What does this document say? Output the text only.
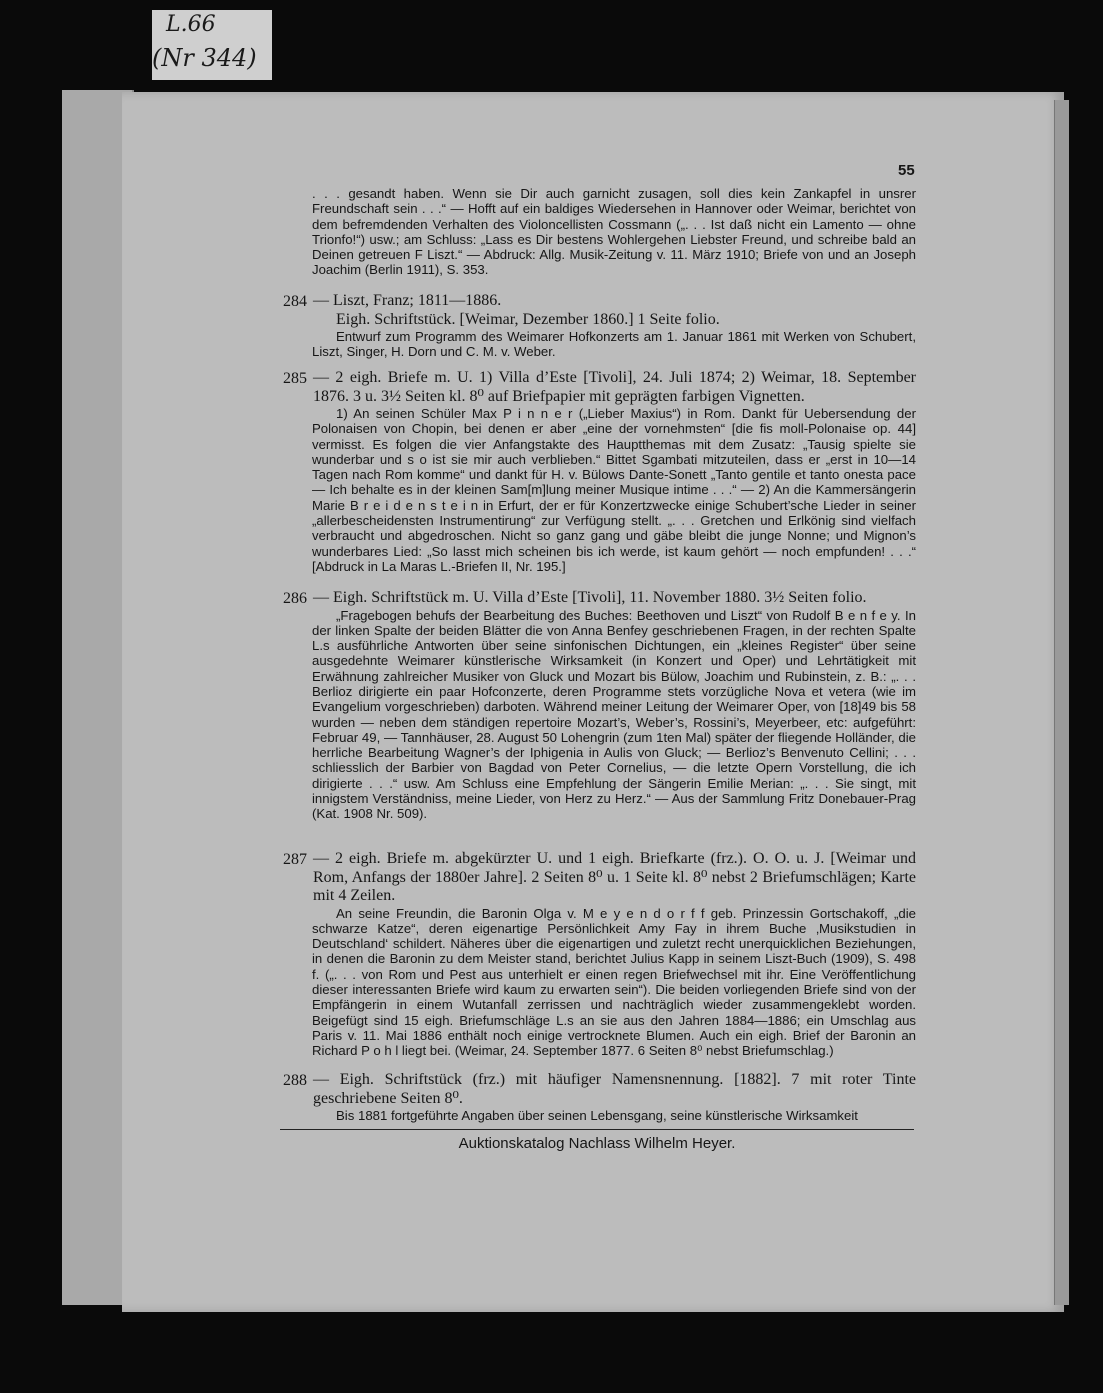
L.66
(Nr 344)
55
. . . gesandt haben. Wenn sie Dir auch garnicht zusagen, soll dies kein Zankapfel in unsrer Freundschaft sein . . .“ — Hofft auf ein baldiges Wiedersehen in Hannover oder Weimar, berichtet von dem befremdenden Verhalten des Violoncellisten Cossmann („. . . Ist daß nicht ein Lamento — ohne Trionfo!“) usw.; am Schluss: „Lass es Dir bestens Wohlergehen Liebster Freund, und schreibe bald an Deinen getreuen F Liszt.“ — Abdruck: Allg. Musik-Zeitung v. 11. März 1910; Briefe von und an Joseph Joachim (Berlin 1911), S. 353.
284 — Liszt, Franz; 1811—1886.
Eigh. Schriftstück. [Weimar, Dezember 1860.] 1 Seite folio.
Entwurf zum Programm des Weimarer Hofkonzerts am 1. Januar 1861 mit Werken von Schubert, Liszt, Singer, H. Dorn und C. M. v. Weber.
285 — 2 eigh. Briefe m. U. 1) Villa d’Este [Tivoli], 24. Juli 1874; 2) Weimar, 18. September 1876. 3 u. 3½ Seiten kl. 8⁰ auf Briefpapier mit geprägten farbigen Vignetten.
1) An seinen Schüler Max P i n n e r („Lieber Maxius“) in Rom. Dankt für Uebersendung der Polonaisen von Chopin, bei denen er aber „eine der vornehmsten“ [die fis moll-Polonaise op. 44] vermisst. Es folgen die vier Anfangstakte des Hauptthemas mit dem Zusatz: „Tausig spielte sie wunderbar und s o ist sie mir auch verblieben.“ Bittet Sgambati mitzuteilen, dass er „erst in 10—14 Tagen nach Rom komme“ und dankt für H. v. Bülows Dante-Sonett „Tanto gentile et tanto onesta pace — Ich behalte es in der kleinen Sam[m]lung meiner Musique intime . . .“ — 2) An die Kammersängerin Marie B r e i d e n s t e i n in Erfurt, der er für Konzertzwecke einige Schubert’sche Lieder in seiner „allerbescheidensten Instrumentirung“ zur Verfügung stellt. „. . . Gretchen und Erlkönig sind vielfach verbraucht und abgedroschen. Nicht so ganz gang und gäbe bleibt die junge Nonne; und Mignon’s wunderbares Lied: „So lasst mich scheinen bis ich werde, ist kaum gehört — noch empfunden! . . .“ [Abdruck in La Maras L.-Briefen II, Nr. 195.]
286 — Eigh. Schriftstück m. U. Villa d’Este [Tivoli], 11. November 1880. 3½ Seiten folio.
„Fragebogen behufs der Bearbeitung des Buches: Beethoven und Liszt“ von Rudolf B e n f e y. In der linken Spalte der beiden Blätter die von Anna Benfey geschriebenen Fragen, in der rechten Spalte L.s ausführliche Antworten über seine sinfonischen Dichtungen, ein „kleines Register“ über seine ausgedehnte Weimarer künstlerische Wirksamkeit (in Konzert und Oper) und Lehrtätigkeit mit Erwähnung zahlreicher Musiker von Gluck und Mozart bis Bülow, Joachim und Rubinstein, z. B.: „. . . Berlioz dirigierte ein paar Hofconzerte, deren Programme stets vorzügliche Nova et vetera (wie im Evangelium vorgeschrieben) darboten. Während meiner Leitung der Weimarer Oper, von [18]49 bis 58 wurden — neben dem ständigen repertoire Mozart’s, Weber’s, Rossini’s, Meyerbeer, etc: aufgeführt: Februar 49, — Tannhäuser, 28. August 50 Lohengrin (zum 1ten Mal) später der fliegende Holländer, die herrliche Bearbeitung Wagner’s der Iphigenia in Aulis von Gluck; — Berlioz’s Benvenuto Cellini; . . . schliesslich der Barbier von Bagdad von Peter Cornelius, — die letzte Opern Vorstellung, die ich dirigierte . . .“ usw. Am Schluss eine Empfehlung der Sängerin Emilie Merian: „. . . Sie singt, mit innigstem Verständniss, meine Lieder, von Herz zu Herz.“ — Aus der Sammlung Fritz Donebauer-Prag (Kat. 1908 Nr. 509).
287 — 2 eigh. Briefe m. abgekürzter U. und 1 eigh. Briefkarte (frz.). O. O. u. J. [Weimar und Rom, Anfangs der 1880er Jahre]. 2 Seiten 8⁰ u. 1 Seite kl. 8⁰ nebst 2 Briefumschlägen; Karte mit 4 Zeilen.
An seine Freundin, die Baronin Olga v. M e y e n d o r f f geb. Prinzessin Gortschakoff, „die schwarze Katze“, deren eigenartige Persönlichkeit Amy Fay in ihrem Buche ‚Musikstudien in Deutschland‘ schildert. Näheres über die eigenartigen und zuletzt recht unerquicklichen Beziehungen, in denen die Baronin zu dem Meister stand, berichtet Julius Kapp in seinem Liszt-Buch (1909), S. 498 f. („. . . von Rom und Pest aus unterhielt er einen regen Briefwechsel mit ihr. Eine Veröffentlichung dieser interessanten Briefe wird kaum zu erwarten sein“). Die beiden vorliegenden Briefe sind von der Empfängerin in einem Wutanfall zerrissen und nachträglich wieder zusammengeklebt worden. Beigefügt sind 15 eigh. Briefumschläge L.s an sie aus den Jahren 1884—1886; ein Umschlag aus Paris v. 11. Mai 1886 enthält noch einige vertrocknete Blumen. Auch ein eigh. Brief der Baronin an Richard P o h l liegt bei. (Weimar, 24. September 1877. 6 Seiten 8⁰ nebst Briefumschlag.)
288 — Eigh. Schriftstück (frz.) mit häufiger Namensnennung. [1882]. 7 mit roter Tinte geschriebene Seiten 8⁰.
Bis 1881 fortgeführte Angaben über seinen Lebensgang, seine künstlerische Wirksamkeit
Auktionskatalog Nachlass Wilhelm Heyer.
